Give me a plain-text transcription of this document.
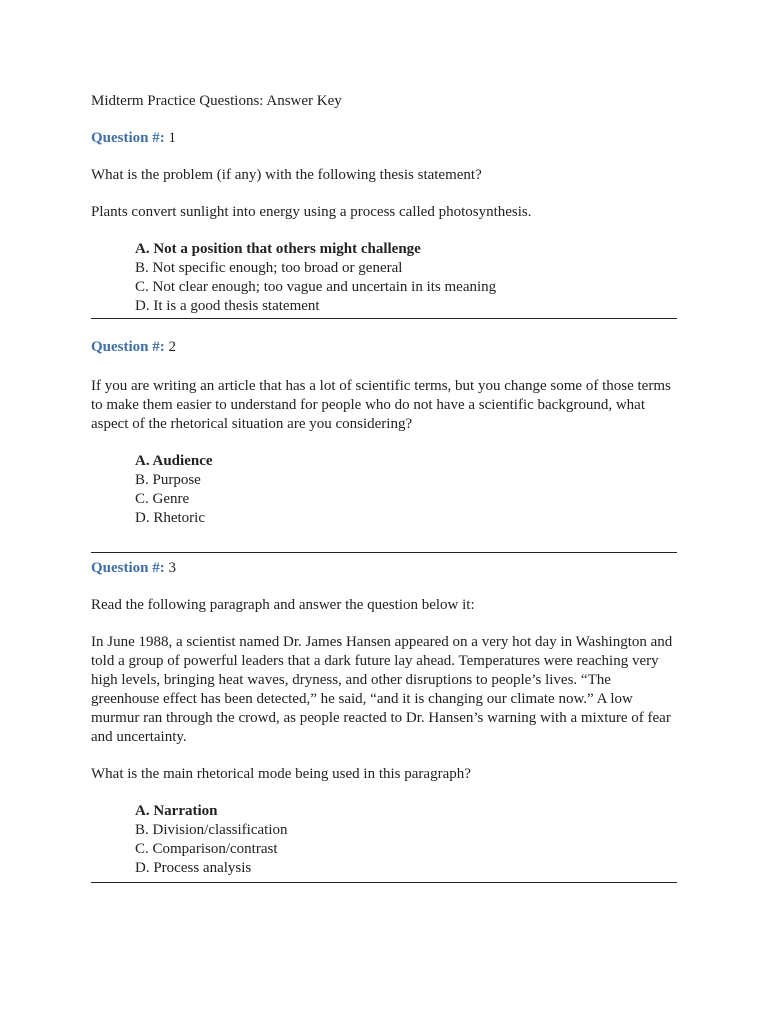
Midterm Practice Questions: Answer Key
Question #: 1
What is the problem (if any) with the following thesis statement?
Plants convert sunlight into energy using a process called photosynthesis.
A. Not a position that others might challenge
B. Not specific enough; too broad or general
C. Not clear enough; too vague and uncertain in its meaning
D. It is a good thesis statement
Question #: 2
If you are writing an article that has a lot of scientific terms, but you change some of those terms to make them easier to understand for people who do not have a scientific background, what aspect of the rhetorical situation are you considering?
A. Audience
B. Purpose
C. Genre
D. Rhetoric
Question #: 3
Read the following paragraph and answer the question below it:
In June 1988, a scientist named Dr. James Hansen appeared on a very hot day in Washington and told a group of powerful leaders that a dark future lay ahead. Temperatures were reaching very high levels, bringing heat waves, dryness, and other disruptions to people’s lives. “The greenhouse effect has been detected,” he said, “and it is changing our climate now.” A low murmur ran through the crowd, as people reacted to Dr. Hansen’s warning with a mixture of fear and uncertainty.
What is the main rhetorical mode being used in this paragraph?
A. Narration
B. Division/classification
C. Comparison/contrast
D. Process analysis
